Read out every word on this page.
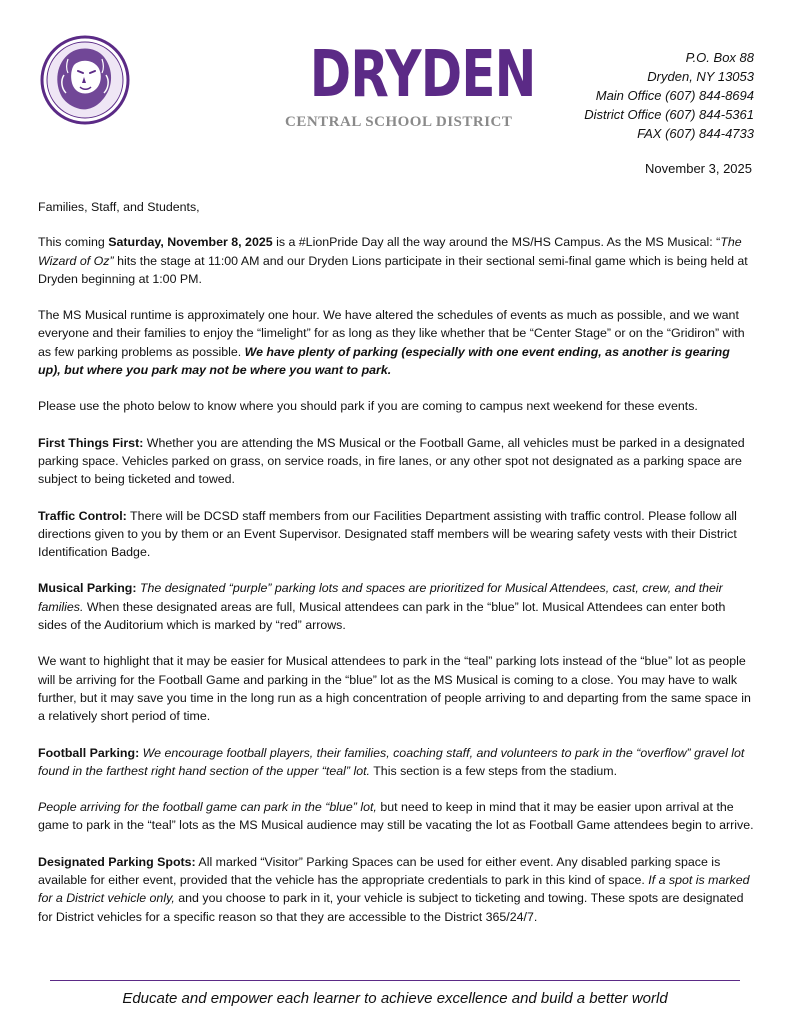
DRYDEN
CENTRAL SCHOOL DISTRICT
P.O. Box 88
Dryden, NY 13053
Main Office (607) 844-8694
District Office (607) 844-5361
FAX (607) 844-4733
November 3, 2025

Families, Staff, and Students,

This coming Saturday, November 8, 2025 is a #LionPride Day all the way around the MS/HS Campus. As the MS Musical: “The Wizard of Oz” hits the stage at 11:00 AM and our Dryden Lions participate in their sectional semi-final game which is being held at Dryden beginning at 1:00 PM.

The MS Musical runtime is approximately one hour. We have altered the schedules of events as much as possible, and we want everyone and their families to enjoy the “limelight” for as long as they like whether that be “Center Stage” or on the “Gridiron” with as few parking problems as possible. We have plenty of parking (especially with one event ending, as another is gearing up), but where you park may not be where you want to park.

Please use the photo below to know where you should park if you are coming to campus next weekend for these events.

First Things First: Whether you are attending the MS Musical or the Football Game, all vehicles must be parked in a designated parking space. Vehicles parked on grass, on service roads, in fire lanes, or any other spot not designated as a parking space are subject to being ticketed and towed.

Traffic Control: There will be DCSD staff members from our Facilities Department assisting with traffic control. Please follow all directions given to you by them or an Event Supervisor. Designated staff members will be wearing safety vests with their District Identification Badge.

Musical Parking: The designated “purple” parking lots and spaces are prioritized for Musical Attendees, cast, crew, and their families. When these designated areas are full, Musical attendees can park in the “blue” lot. Musical Attendees can enter both sides of the Auditorium which is marked by “red” arrows.

We want to highlight that it may be easier for Musical attendees to park in the “teal” parking lots instead of the “blue” lot as people will be arriving for the Football Game and parking in the “blue” lot as the MS Musical is coming to a close. You may have to walk further, but it may save you time in the long run as a high concentration of people arriving to and departing from the same space in a relatively short period of time.

Football Parking: We encourage football players, their families, coaching staff, and volunteers to park in the “overflow” gravel lot found in the farthest right hand section of the upper “teal” lot. This section is a few steps from the stadium.

People arriving for the football game can park in the “blue” lot, but need to keep in mind that it may be easier upon arrival at the game to park in the “teal” lots as the MS Musical audience may still be vacating the lot as Football Game attendees begin to arrive.

Designated Parking Spots: All marked “Visitor” Parking Spaces can be used for either event. Any disabled parking space is available for either event, provided that the vehicle has the appropriate credentials to park in this kind of space. If a spot is marked for a District vehicle only, and you choose to park in it, your vehicle is subject to ticketing and towing. These spots are designated for District vehicles for a specific reason so that they are accessible to the District 365/24/7.

Educate and empower each learner to achieve excellence and build a better world
